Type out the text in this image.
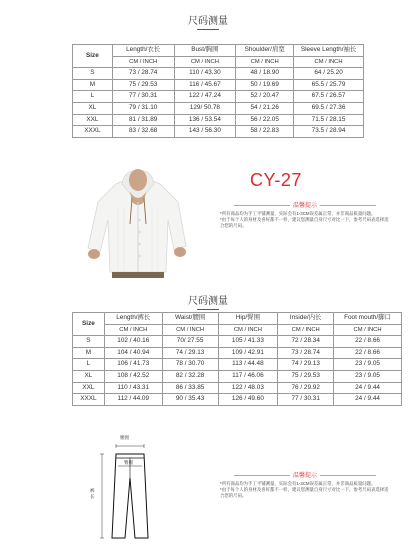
尺码测量
Size	Length/衣长	Bust/胸围	Shoulder/肩宽	Sleeve Length/袖长
	CM / INCH	CM / INCH	CM / INCH	CM / INCH
S	73 / 28.74	110 / 43.30	48 / 18.90	64 / 25.20
M	75 / 29.53	116 / 45.67	50 / 19.69	65.5 / 25.79
L	77 / 30.31	122 / 47.24	52 / 20.47	67.5 / 26.57
XL	79 / 31.10	129/ 50.78	54 / 21.26	69.5 / 27.36
XXL	81 / 31.89	136 / 53.54	56 / 22.05	71.5 / 28.15
XXXL	83 / 32.68	143 / 56.30	58 / 22.83	73.5 / 28.94
CY-27
温馨提示
*所有商品均为手工平铺测量，实际会有1-3CM误差属正常，并非商品质量问题。
*由于每个人的身材及喜好都不一样，建议您测量自身尺寸对比一下，参考尺码表选择适合您的尺码。
尺码测量
Size	Length/裤长	Waist/腰围	Hip/臀围	Inside/内长	Foot mouth/脚口
	CM / INCH	CM / INCH	CM / INCH	CM / INCH	CM / INCH
S	102 / 40.16	70/ 27.55	105 / 41.33	72 / 28.34	22 / 8.66
M	104 / 40.94	74 / 29.13	109 / 42.91	73 / 28.74	22 / 8.66
L	106 / 41.73	78 / 30.70	113 / 44.48	74 / 29.13	23 / 9.05
XL	108 / 42.52	82 / 32.28	117 / 46.06	75 / 29.53	23 / 9.05
XXL	110 / 43.31	86 / 33.85	122 / 48.03	76 / 29.92	24 / 9.44
XXXL	112 / 44.09	90 / 35.43	126 / 49.60	77 / 30.31	24 / 9.44
腰围
臀围
裤长
温馨提示
*所有商品均为手工平铺测量，实际会有1-3CM误差属正常，并非商品质量问题。
*由于每个人的身材及喜好都不一样，建议您测量自身尺寸对比一下，参考尺码表选择适合您的尺码。
